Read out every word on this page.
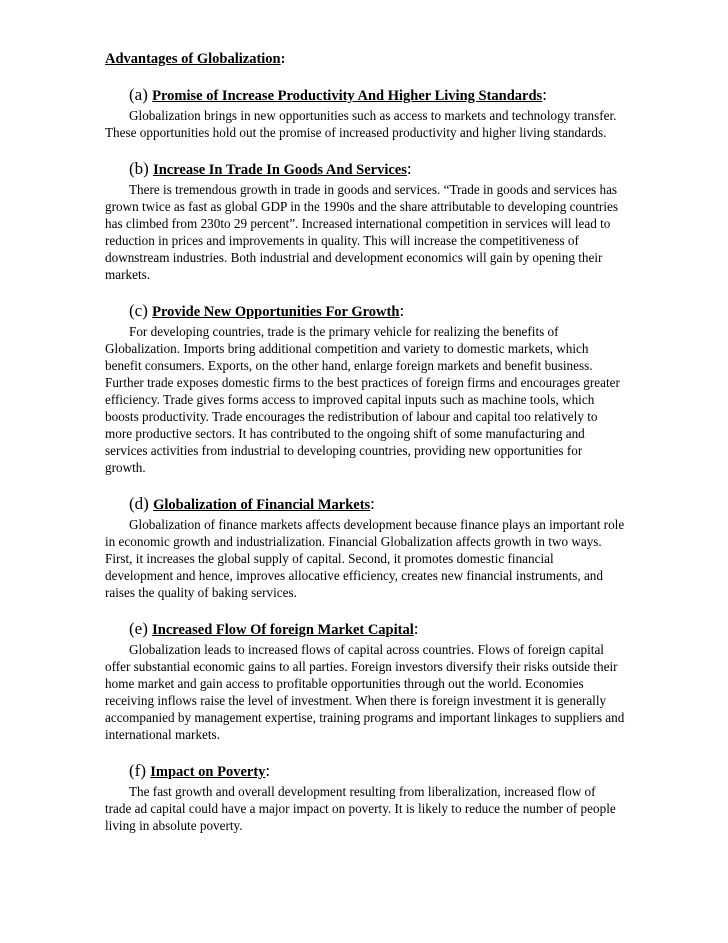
Advantages of Globalization:

(a) Promise of Increase Productivity And Higher Living Standards:

Globalization brings in new opportunities such as access to markets and technology transfer. These opportunities hold out the promise of increased productivity and higher living standards.

(b) Increase In Trade In Goods And Services:

There is tremendous growth in trade in goods and services. “Trade in goods and services has grown twice as fast as global GDP in the 1990s and the share attributable to developing countries has climbed from 230to 29 percent”. Increased international competition in services will lead to reduction in prices and improvements in quality. This will increase the competitiveness of downstream industries. Both industrial and development economics will gain by opening their markets.

(c) Provide New Opportunities For Growth:

For developing countries, trade is the primary vehicle for realizing the benefits of Globalization. Imports bring additional competition and variety to domestic markets, which benefit consumers. Exports, on the other hand, enlarge foreign markets and benefit business. Further trade exposes domestic firms to the best practices of foreign firms and encourages greater efficiency. Trade gives forms access to improved capital inputs such as machine tools, which boosts productivity. Trade encourages the redistribution of labour and capital too relatively to more productive sectors. It has contributed to the ongoing shift of some manufacturing and services activities from industrial to developing countries, providing new opportunities for growth.

(d) Globalization of Financial Markets:

Globalization of finance markets affects development because finance plays an important role in economic growth and industrialization. Financial Globalization affects growth in two ways. First, it increases the global supply of capital. Second, it promotes domestic financial development and hence, improves allocative efficiency, creates new financial instruments, and raises the quality of baking services.

(e) Increased Flow Of foreign Market Capital:

Globalization leads to increased flows of capital across countries. Flows of foreign capital offer substantial economic gains to all parties. Foreign investors diversify their risks outside their home market and gain access to profitable opportunities through out the world. Economies receiving inflows raise the level of investment. When there is foreign investment it is generally accompanied by management expertise, training programs and important linkages to suppliers and international markets.

(f) Impact on Poverty:

The fast growth and overall development resulting from liberalization, increased flow of trade ad capital could have a major impact on poverty. It is likely to reduce the number of people living in absolute poverty.
